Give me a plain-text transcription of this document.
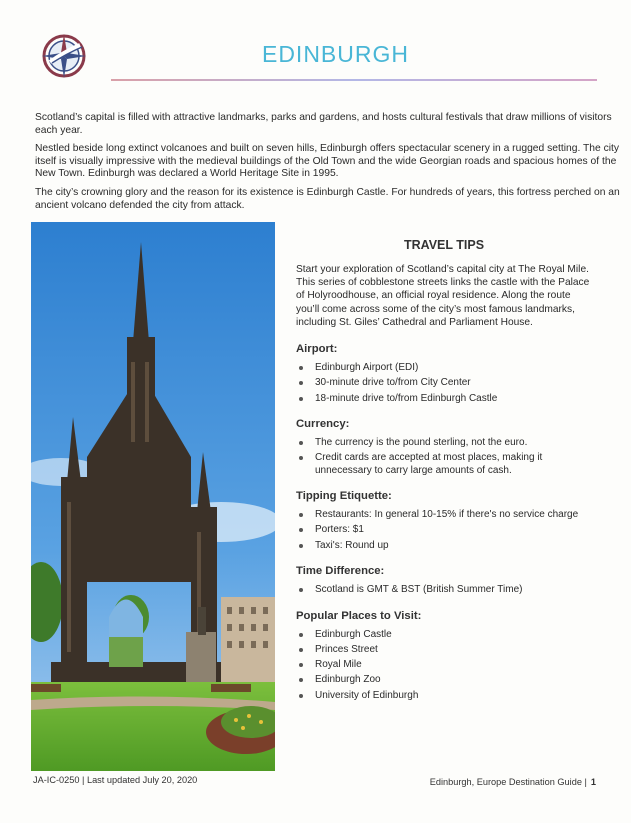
EDINBURGH

Scotland’s capital is filled with attractive landmarks, parks and gardens, and hosts cultural festivals that draw millions of visitors each year.

Nestled beside long extinct volcanoes and built on seven hills, Edinburgh offers spectacular scenery in a rugged setting. The city itself is visually impressive with the medieval buildings of the Old Town and the wide Georgian roads and spacious homes of the New Town. Edinburgh was declared a World Heritage Site in 1995.

The city’s crowning glory and the reason for its existence is Edinburgh Castle. For hundreds of years, this fortress perched on an ancient volcano defended the city from attack.

TRAVEL TIPS

Start your exploration of Scotland’s capital city at The Royal Mile. This series of cobblestone streets links the castle with the Palace of Holyroodhouse, an official royal residence. Along the route you’ll come across some of the city’s most famous landmarks, including St. Giles’ Cathedral and Parliament House.

Airport:
Edinburgh Airport (EDI)
30-minute drive to/from City Center
18-minute drive to/from Edinburgh Castle
Currency:
The currency is the pound sterling, not the euro.
Credit cards are accepted at most places, making it unnecessary to carry large amounts of cash.
Tipping Etiquette:
Restaurants: In general 10-15% if there's no service charge
Porters: $1
Taxi's: Round up
Time Difference:
Scotland is GMT & BST (British Summer Time)
Popular Places to Visit:
Edinburgh Castle
Princes Street
Royal Mile
Edinburgh Zoo
University of Edinburgh
JA-IC-0250 | Last updated July 20, 2020	Edinburgh, Europe Destination Guide | 1
